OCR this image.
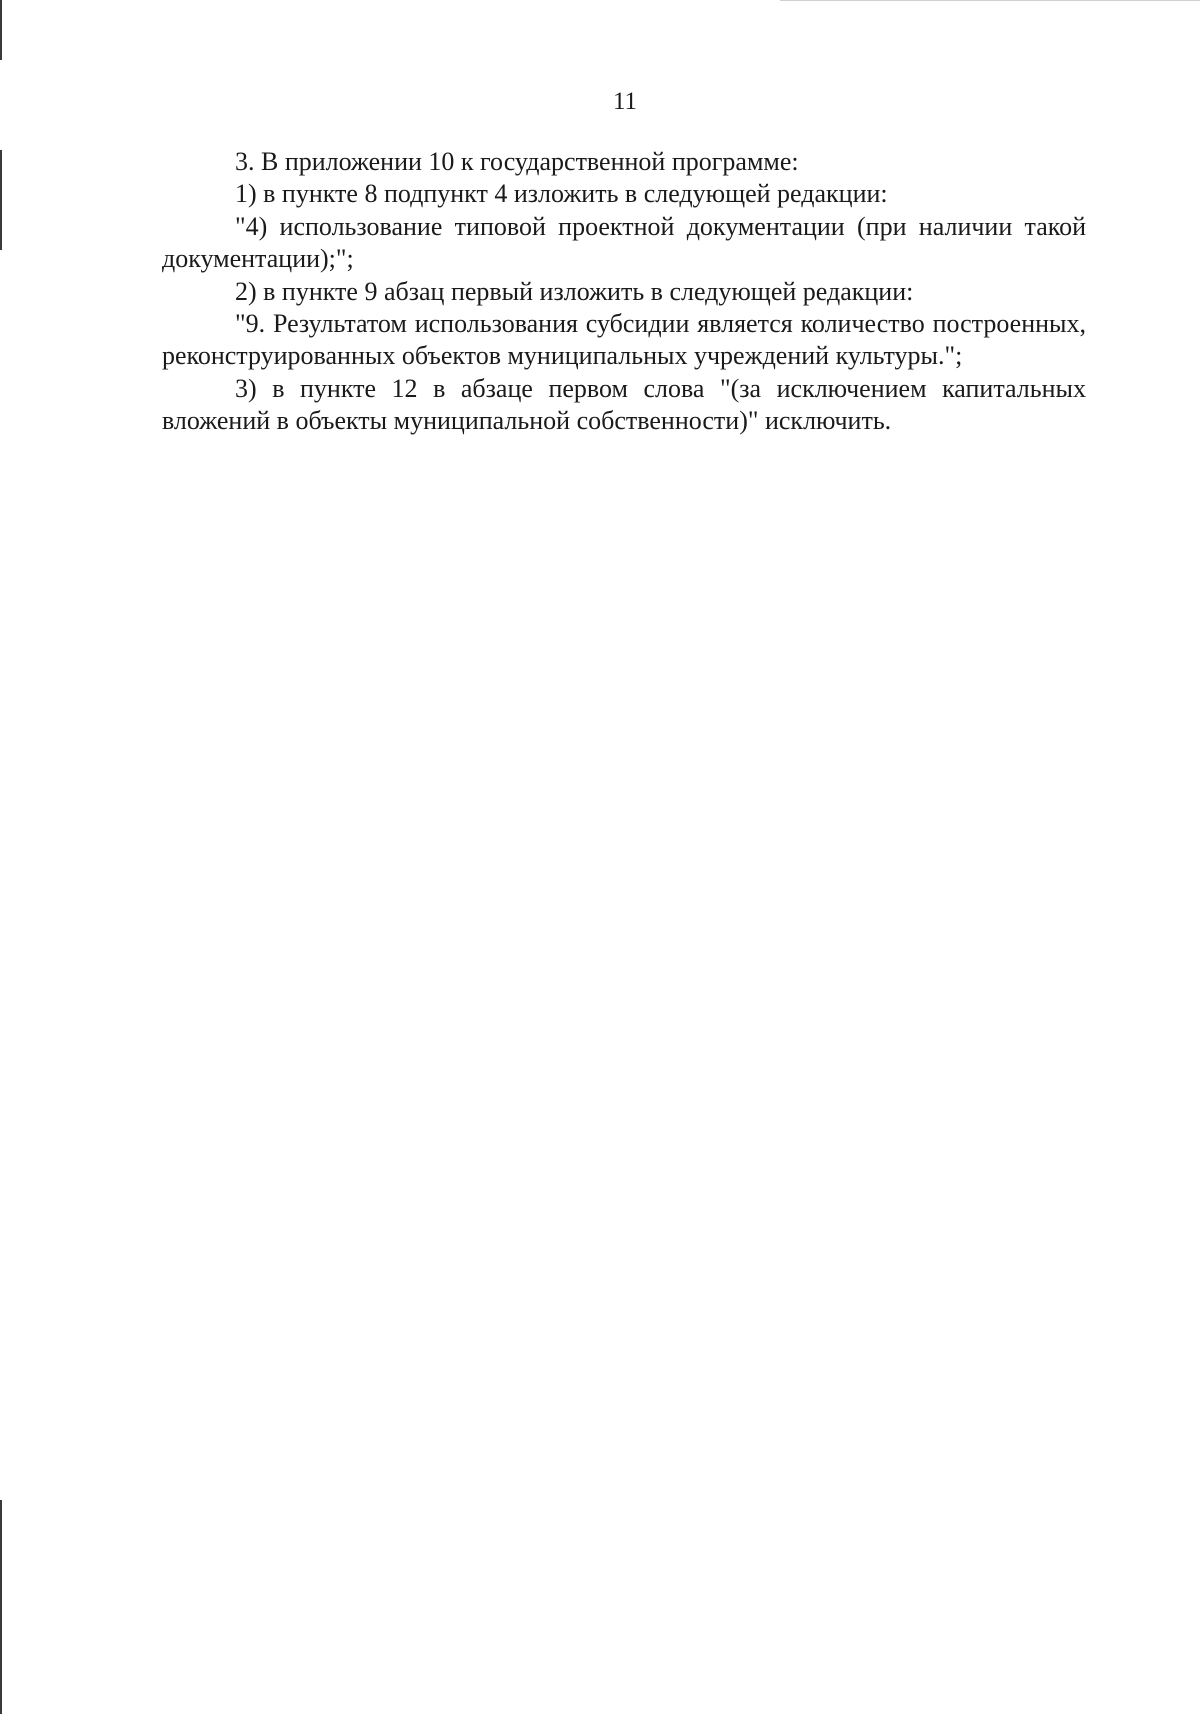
11

3. В приложении 10 к государственной программе:

1) в пункте 8 подпункт 4 изложить в следующей редакции:

"4) использование типовой проектной документации (при наличии такой документации);";

2) в пункте 9 абзац первый изложить в следующей редакции:

"9. Результатом использования субсидии является количество построенных, реконструированных объектов муниципальных учреждений культуры.";

3) в пункте 12 в абзаце первом слова "(за исключением капитальных вложений в объекты муниципальной собственности)" исключить.
